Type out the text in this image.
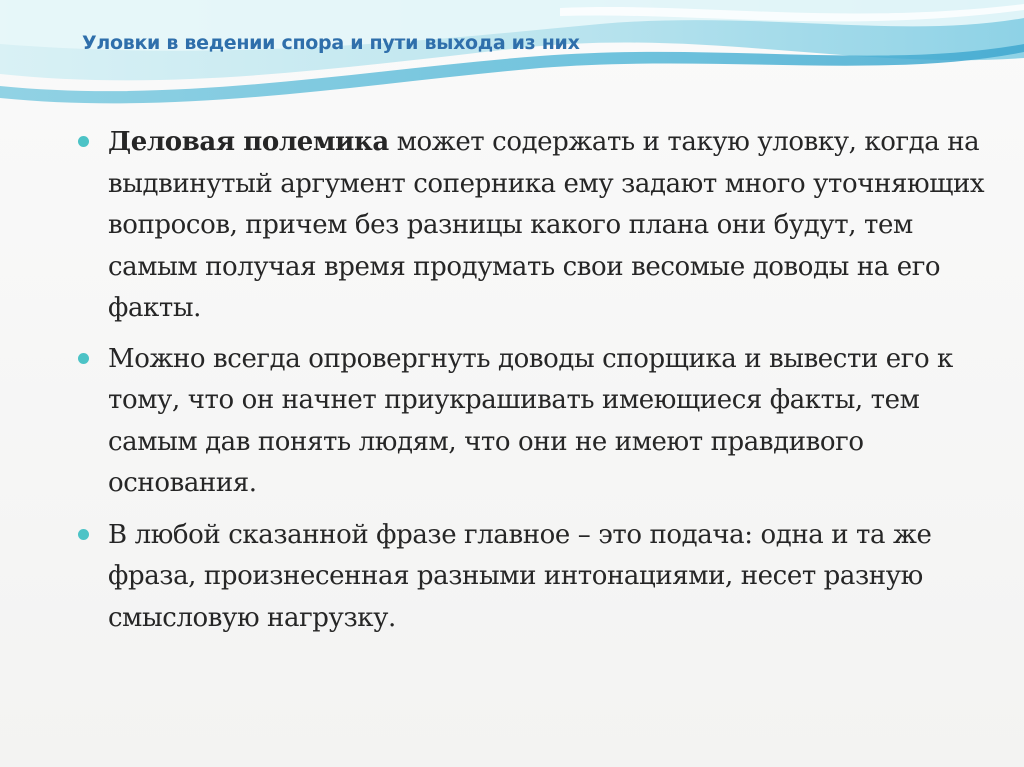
Уловки в ведении спора и пути выхода из них
Деловая полемика может содержать и такую уловку, когда на выдвинутый аргумент соперника ему задают много уточняющих вопросов, причем без разницы какого плана они будут, тем самым получая время продумать свои весомые доводы на его факты.
Можно всегда опровергнуть доводы спорщика и вывести его к тому, что он начнет приукрашивать имеющиеся факты, тем самым дав понять людям, что они не имеют правдивого основания.
В любой сказанной фразе главное – это подача: одна и та же фраза, произнесенная разными интонациями, несет разную смысловую нагрузку.
